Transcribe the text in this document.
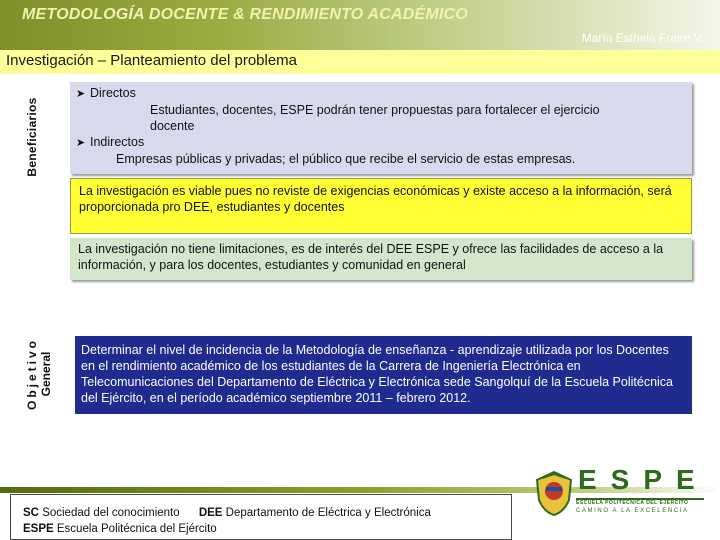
METODOLOGÍA DOCENTE & RENDIMIENTO ACADÉMICO
María Esthela Freire V.
Investigación – Planteamiento del problema
Beneficiarios
Objetivo General
➤ Directos
Estudiantes, docentes, ESPE podrán tener propuestas para fortalecer el ejercicio
docente
➤ Indirectos
Empresas públicas y privadas; el público que recibe el servicio de estas empresas.
La investigación es viable pues no reviste de exigencias económicas y existe acceso a la información, será proporcionada pro DEE, estudiantes y docentes
La investigación no tiene limitaciones, es de interés del DEE ESPE y ofrece las facilidades de acceso a la información, y para los docentes, estudiantes y comunidad en general
Determinar el nivel de incidencia de la Metodología de enseñanza - aprendizaje utilizada por los Docentes en el rendimiento académico de los estudiantes de la Carrera de Ingeniería Electrónica en Telecomunicaciones del Departamento de Eléctrica y Electrónica sede Sangolquí de la Escuela Politécnica del Ejército, en el período académico septiembre 2011 – febrero 2012.
SC Sociedad del conocimiento DEE Departamento de Eléctrica y Electrónica
ESPE Escuela Politécnica del Ejército
ESPE
ESCUELA POLITÉCNICA DEL EJÉRCITO
CAMINO A LA EXCELENCIA
